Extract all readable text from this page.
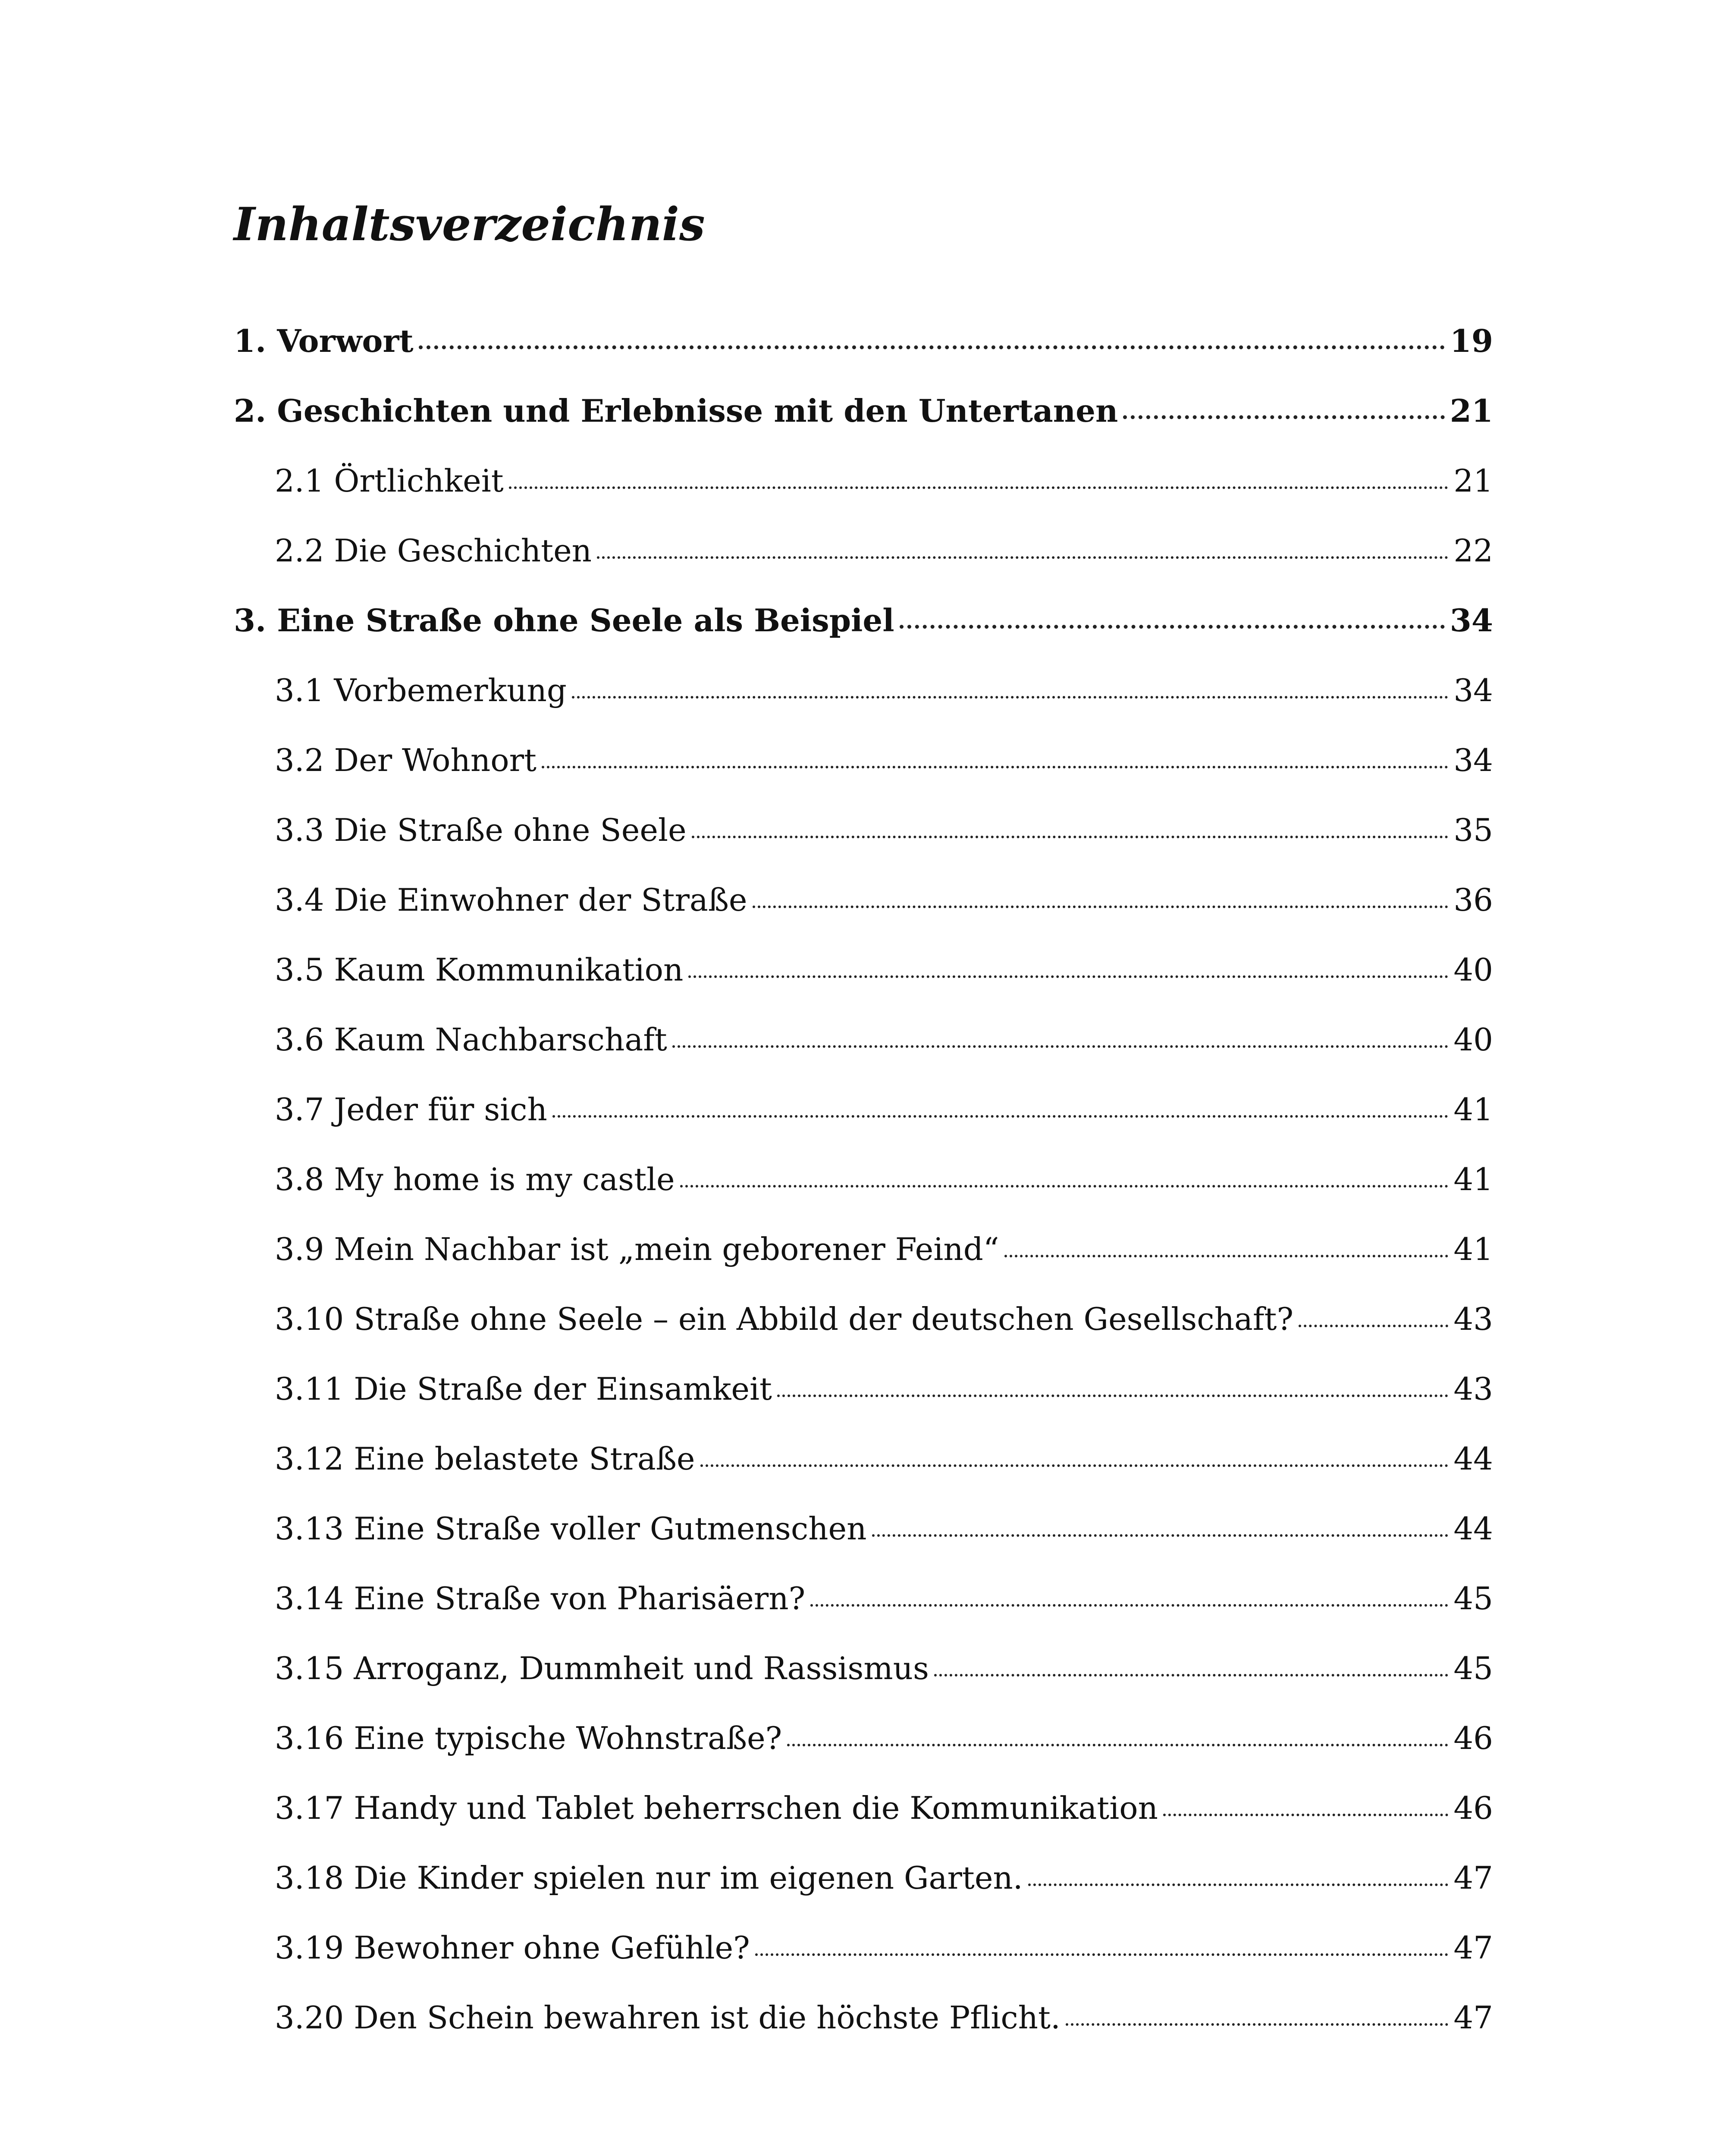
Inhaltsverzeichnis
1. Vorwort	19
2. Geschichten und Erlebnisse mit den Untertanen	21
2.1 Örtlichkeit	21
2.2 Die Geschichten	22
3. Eine Straße ohne Seele als Beispiel	34
3.1 Vorbemerkung	34
3.2 Der Wohnort	34
3.3 Die Straße ohne Seele	35
3.4 Die Einwohner der Straße	36
3.5 Kaum Kommunikation	40
3.6 Kaum Nachbarschaft	40
3.7 Jeder für sich	41
3.8 My home is my castle	41
3.9 Mein Nachbar ist „mein geborener Feind“	41
3.10 Straße ohne Seele – ein Abbild der deutschen Gesellschaft?	43
3.11 Die Straße der Einsamkeit	43
3.12 Eine belastete Straße	44
3.13 Eine Straße voller Gutmenschen	44
3.14 Eine Straße von Pharisäern?	45
3.15 Arroganz, Dummheit und Rassismus	45
3.16 Eine typische Wohnstraße?	46
3.17 Handy und Tablet beherrschen die Kommunikation	46
3.18 Die Kinder spielen nur im eigenen Garten.	47
3.19 Bewohner ohne Gefühle?	47
3.20 Den Schein bewahren ist die höchste Pflicht.	47
